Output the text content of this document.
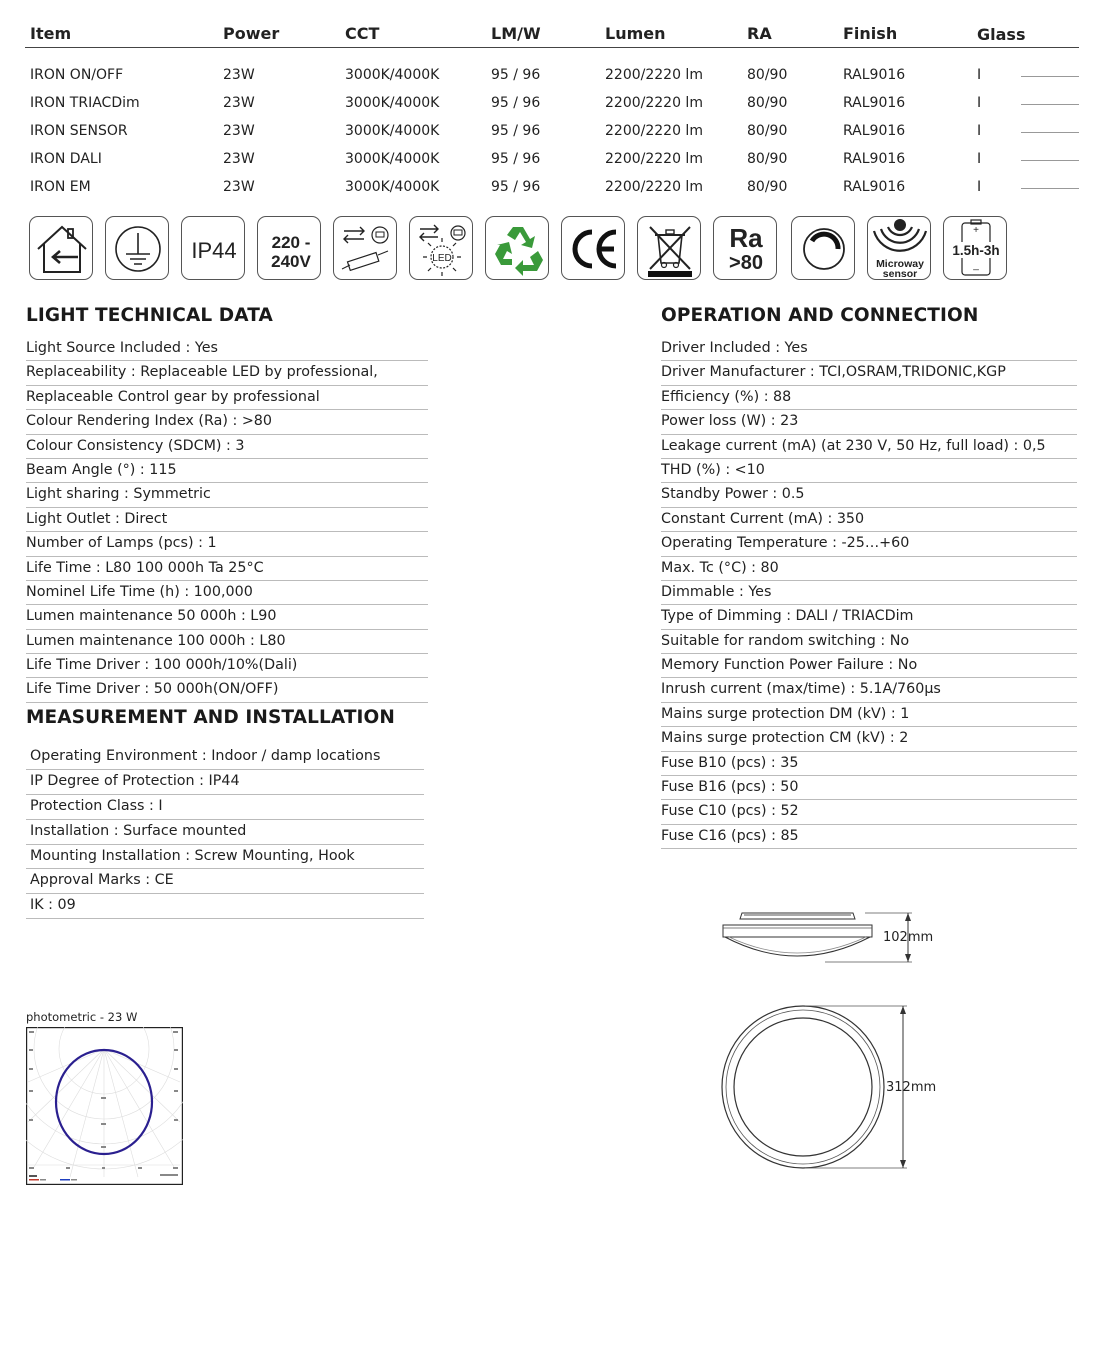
Item	Power	CCT	LM/W	Lumen	RA	Finish	Glass
IRON ON/OFF	23W	3000K/4000K	95 / 96	2200/2220 lm	80/90	RAL9016	I
IRON TRIACDim	23W	3000K/4000K	95 / 96	2200/2220 lm	80/90	RAL9016	I
IRON SENSOR	23W	3000K/4000K	95 / 96	2200/2220 lm	80/90	RAL9016	I
IRON DALI	23W	3000K/4000K	95 / 96	2200/2220 lm	80/90	RAL9016	I
IRON EM	23W	3000K/4000K	95 / 96	2200/2220 lm	80/90	RAL9016	I
IP44 220 -
240V	LED
Ra
>80	Microway
sensor
+
1.5h-3h
_
LIGHT TECHNICAL DATA
Light Source Included : Yes
Replaceability : Replaceable LED by professional,
Replaceable Control gear by professional
Colour Rendering Index (Ra) : >80
Colour Consistency (SDCM) : 3
Beam Angle (°) : 115
Light sharing : Symmetric
Light Outlet : Direct
Number of Lamps (pcs) : 1
Life Time : L80 100 000h Ta 25°C
Nominel Life Time (h) : 100,000
Lumen maintenance 50 000h : L90
Lumen maintenance 100 000h : L80
Life Time Driver : 100 000h/10%(Dali)
Life Time Driver : 50 000h(ON/OFF)
MEASUREMENT AND INSTALLATION
Operating Environment : Indoor / damp locations
IP Degree of Protection : IP44
Protection Class : I
Installation : Surface mounted
Mounting Installation : Screw Mounting, Hook
Approval Marks : CE
IK : 09
OPERATION AND CONNECTION
Driver Included : Yes
Driver Manufacturer : TCI,OSRAM,TRIDONIC,KGP
Efficiency (%) : 88
Power loss (W) : 23
Leakage current (mA) (at 230 V, 50 Hz, full load) : 0,5
THD (%) : <10
Standby Power : 0.5
Constant Current (mA) : 350
Operating Temperature : -25…+60
Max. Tc (°C) : 80
Dimmable : Yes
Type of Dimming : DALI / TRIACDim
Suitable for random switching : No
Memory Function Power Failure : No
Inrush current (max/time) : 5.1A/760µs
Mains surge protection DM (kV) : 1
Mains surge protection CM (kV) : 2
Fuse B10 (pcs) : 35
Fuse B16 (pcs) : 50
Fuse C10 (pcs) : 52
Fuse C16 (pcs) : 85
102mm
312mm
photometric - 23 W
